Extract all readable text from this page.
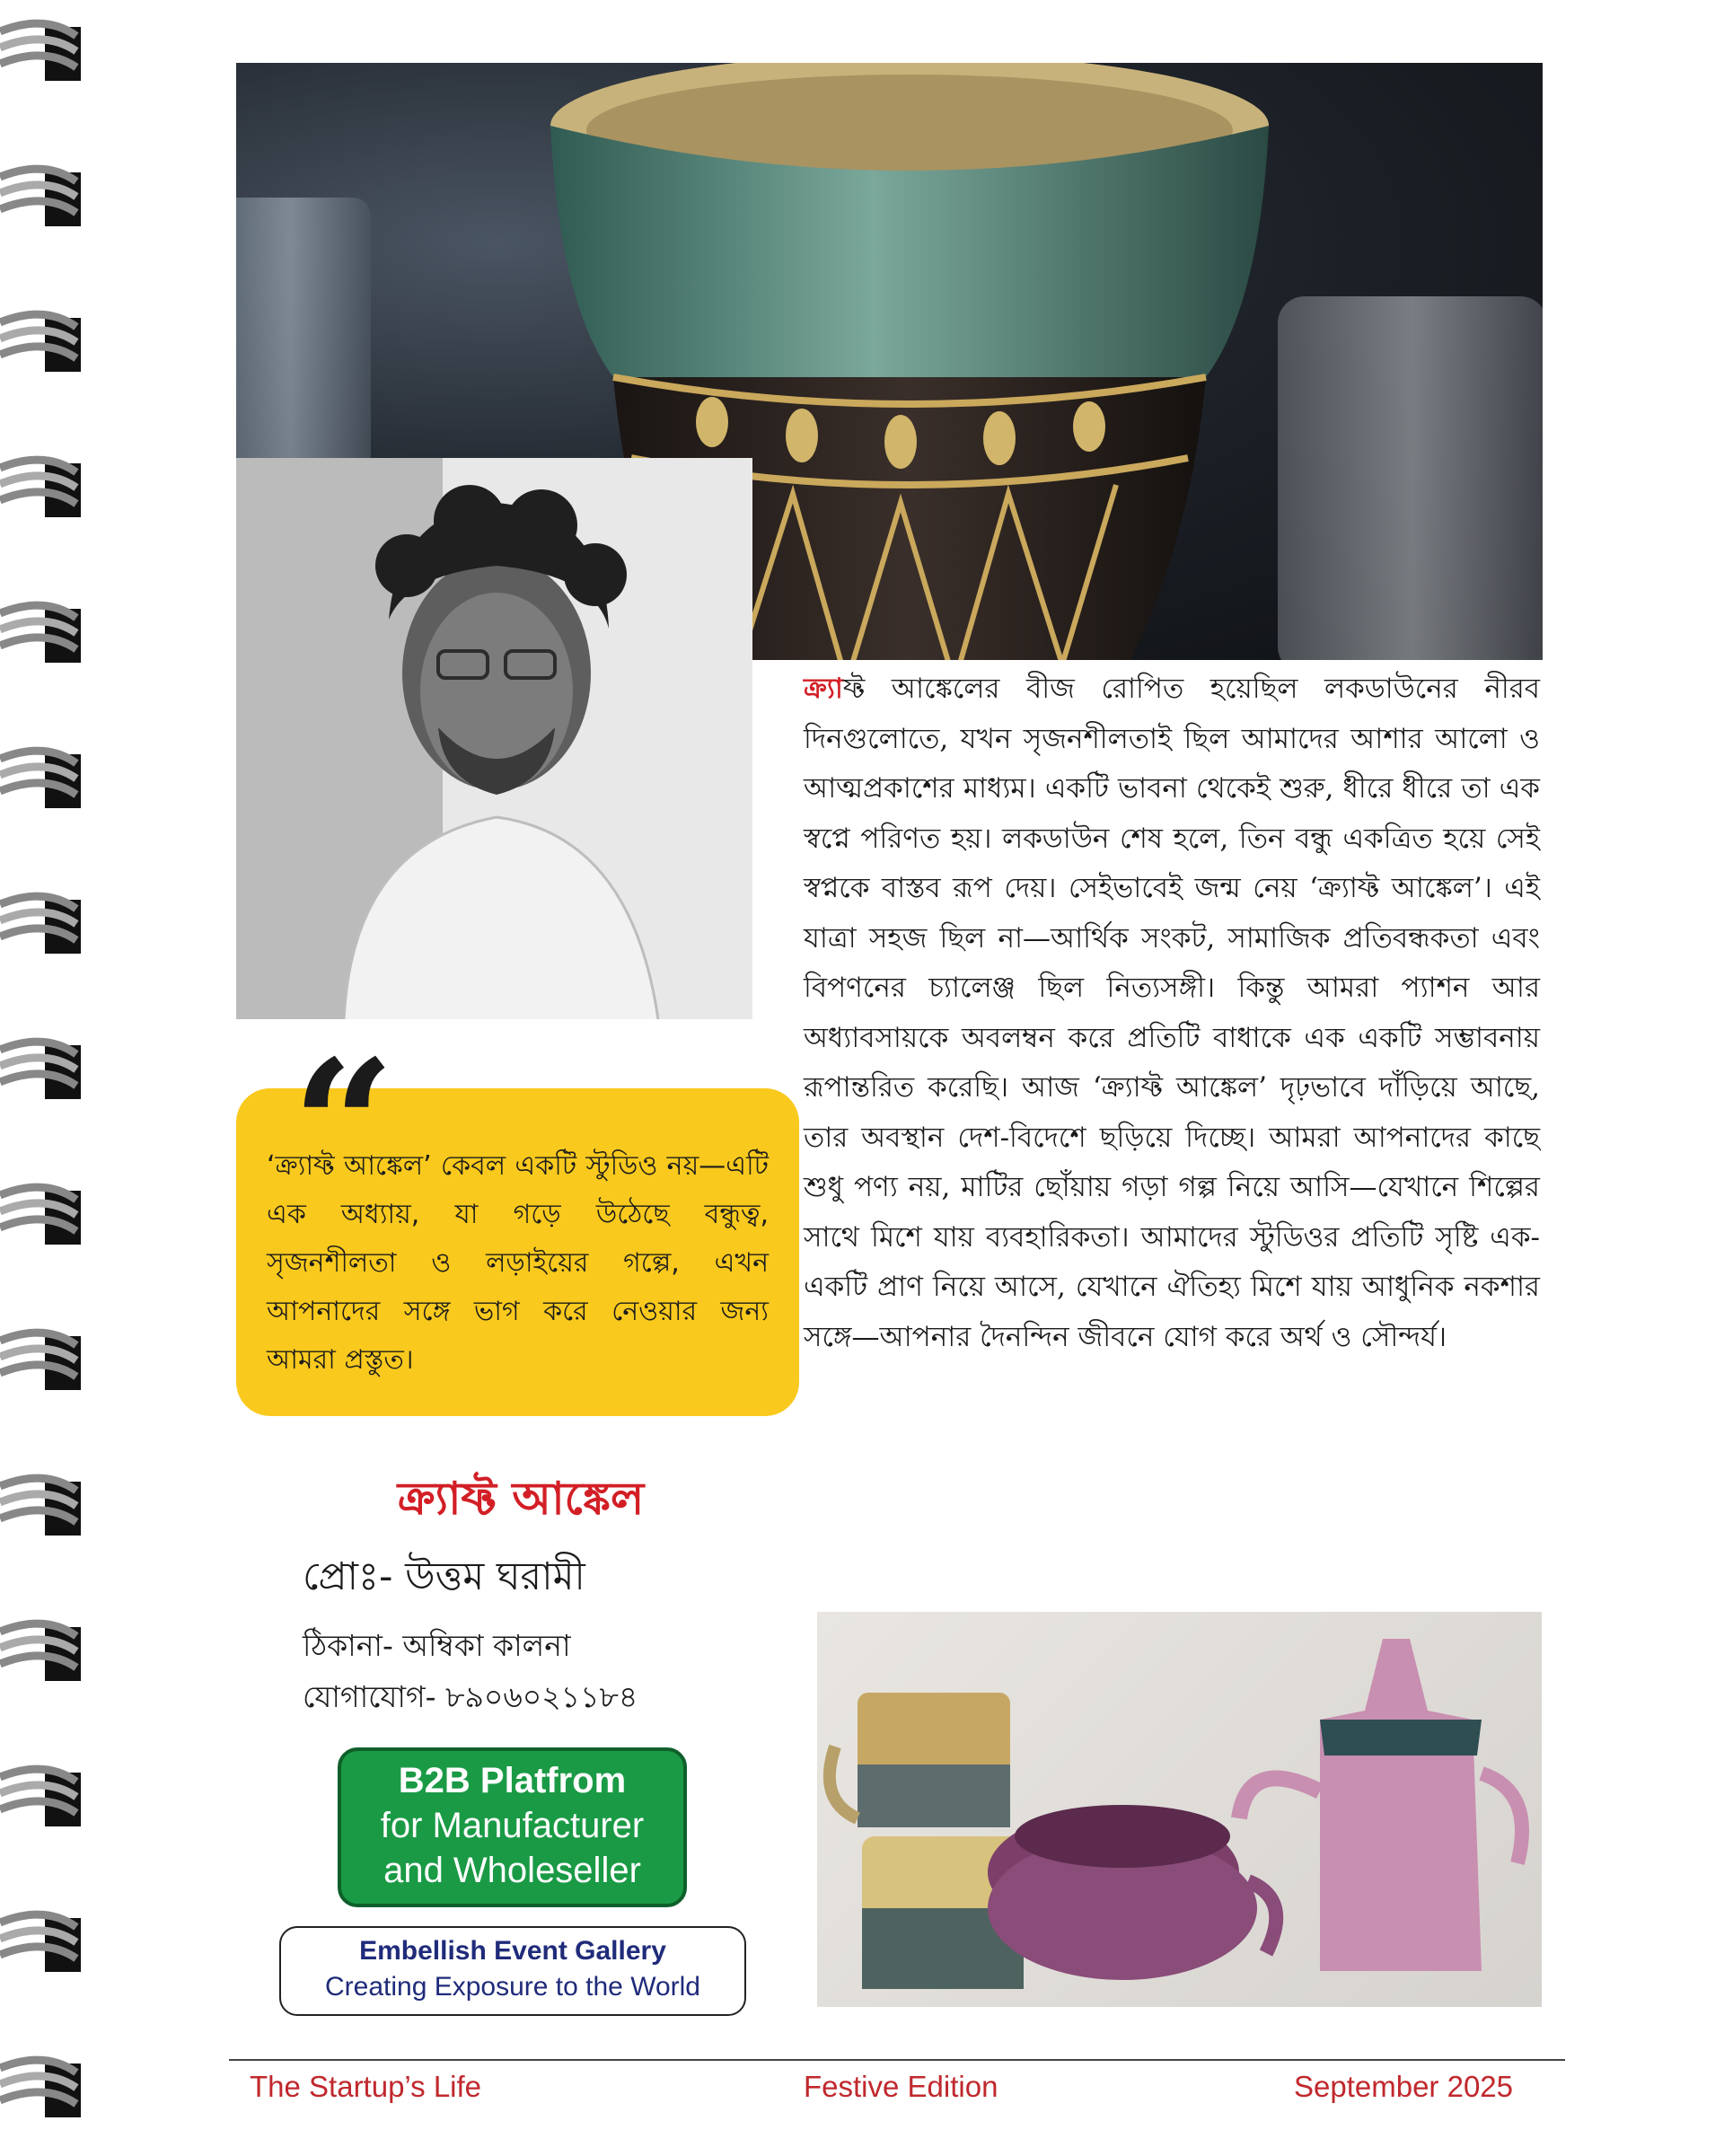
ক্র্যাফ্ট আঙ্কেলের বীজ রোপিত হয়েছিল লকডাউনের নীরব দিনগুলোতে, যখন সৃজনশীলতাই ছিল আমাদের আশার আলো ও আত্মপ্রকাশের মাধ্যম। একটি ভাবনা থেকেই শুরু, ধীরে ধীরে তা এক স্বপ্নে পরিণত হয়। লকডাউন শেষ হলে, তিন বন্ধু একত্রিত হয়ে সেই স্বপ্নকে বাস্তব রূপ দেয়। সেইভাবেই জন্ম নেয় ‘ক্র্যাফ্ট আঙ্কেল’। এই যাত্রা সহজ ছিল না—আর্থিক সংকট, সামাজিক প্রতিবন্ধকতা এবং বিপণনের চ্যালেঞ্জ ছিল নিত্যসঙ্গী। কিন্তু আমরা প্যাশন আর অধ্যাবসায়কে অবলম্বন করে প্রতিটি বাধাকে এক একটি সম্ভাবনায় রূপান্তরিত করেছি। আজ ‘ক্র্যাফ্ট আঙ্কেল’ দৃঢ়ভাবে দাঁড়িয়ে আছে, তার অবস্থান দেশ-বিদেশে ছড়িয়ে দিচ্ছে। আমরা আপনাদের কাছে শুধু পণ্য নয়, মাটির ছোঁয়ায় গড়া গল্প নিয়ে আসি—যেখানে শিল্পের সাথে মিশে যায় ব্যবহারিকতা। আমাদের স্টুডিওর প্রতিটি সৃষ্টি এক-একটি প্রাণ নিয়ে আসে, যেখানে ঐতিহ্য মিশে যায় আধুনিক নকশার সঙ্গে—আপনার দৈনন্দিন জীবনে যোগ করে অর্থ ও সৌন্দর্য।
‘ক্র্যাফ্ট আঙ্কেল’ কেবল একটি স্টুডিও নয়—এটি এক অধ্যায়, যা গড়ে উঠেছে বন্ধুত্ব, সৃজনশীলতা ও লড়াইয়ের গল্পে, এখন আপনাদের সঙ্গে ভাগ করে নেওয়ার জন্য আমরা প্রস্তুত।
“
ক্র্যাফ্ট আঙ্কেল
প্রোঃ- উত্তম ঘরামী
ঠিকানা- অম্বিকা কালনা
যোগাযোগ- ৮৯০৬০২১১৮৪
B2B Platfrom
for Manufacturer
and Wholeseller
Embellish Event Gallery
Creating Exposure to the World
The Startup’s Life	Festive Edition	September 2025
